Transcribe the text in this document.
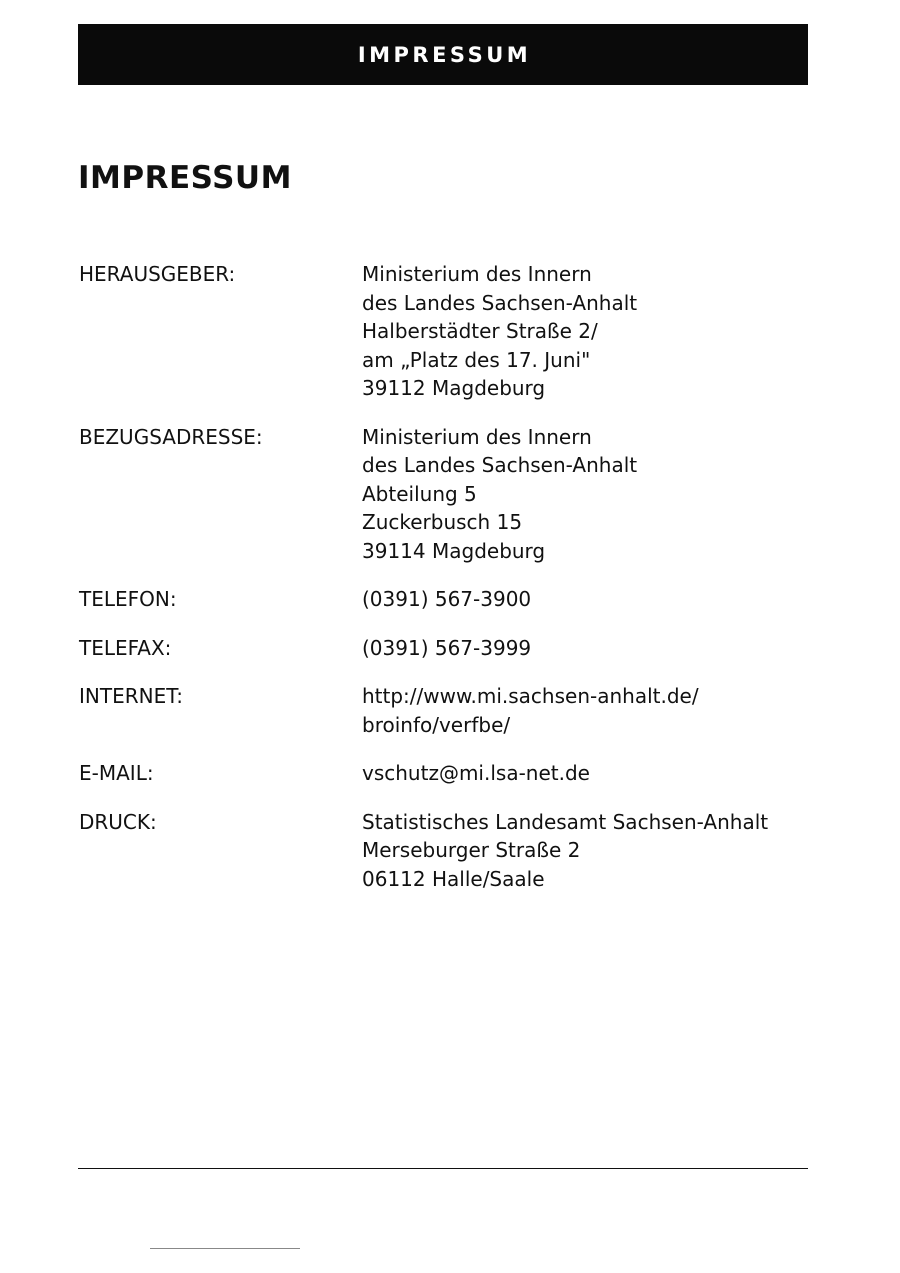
IMPRESSUM
IMPRESSUM
HERAUSGEBER:	Ministerium des Innern
des Landes Sachsen-Anhalt
Halberstädter Straße 2/
am „Platz des 17. Juni"
39112 Magdeburg
BEZUGSADRESSE:	Ministerium des Innern
des Landes Sachsen-Anhalt
Abteilung 5
Zuckerbusch 15
39114 Magdeburg
TELEFON:	(0391) 567-3900
TELEFAX:	(0391) 567-3999
INTERNET:	http://www.mi.sachsen-anhalt.de/
broinfo/verfbe/
E-MAIL:	vschutz@mi.lsa-net.de
DRUCK:	Statistisches Landesamt Sachsen-Anhalt
Merseburger Straße 2
06112 Halle/Saale
